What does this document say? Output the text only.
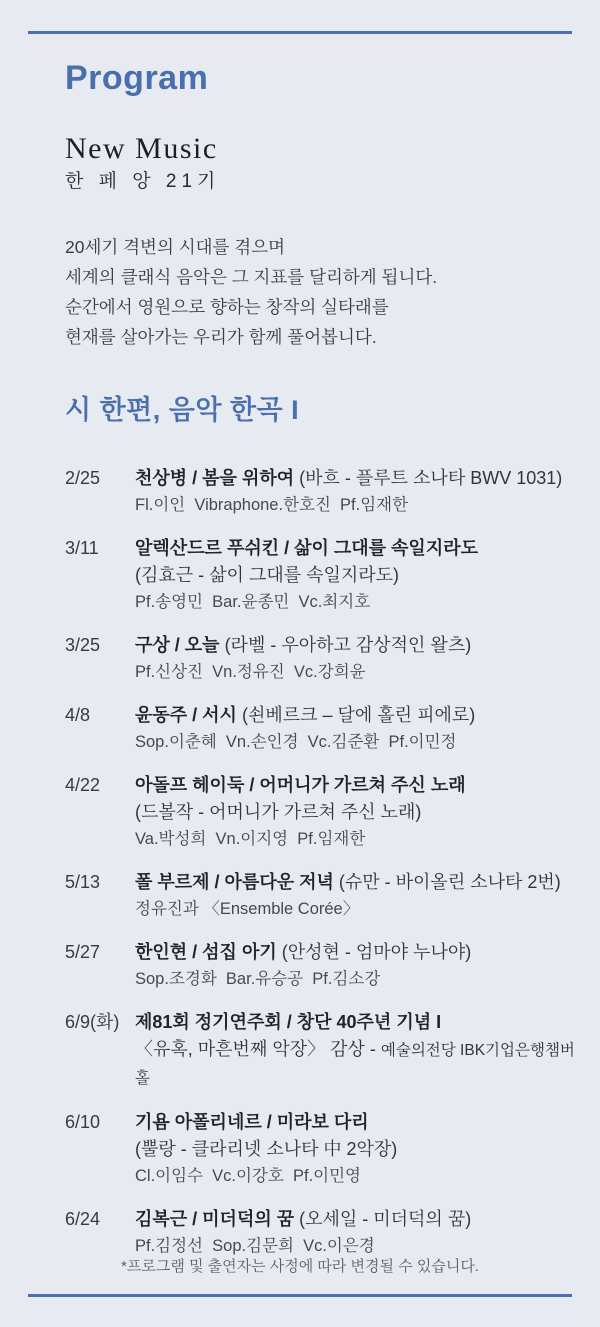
Program
New Music
한 페 앙 21기
20세기 격변의 시대를 겪으며
세계의 클래식 음악은 그 지표를 달리하게 됩니다.
순간에서 영원으로 향하는 창작의 실타래를
현재를 살아가는 우리가 함께 풀어봅니다.
시 한편, 음악 한곡 I
2/25	천상병 / 봄을 위하여 (바흐 - 플루트 소나타 BWV 1031)
Fl.이인  Vibraphone.한호진  Pf.임재한
3/11	알렉산드르 푸쉬킨 / 삶이 그대를 속일지라도
(김효근 - 삶이 그대를 속일지라도)
Pf.송영민  Bar.윤종민  Vc.최지호
3/25	구상 / 오늘 (라벨 - 우아하고 감상적인 왈츠)
Pf.신상진  Vn.정유진  Vc.강희윤
4/8	윤동주 / 서시 (쇤베르크 – 달에 홀린 피에로)
Sop.이춘혜  Vn.손인경  Vc.김준환  Pf.이민정
4/22	아돌프 헤이둑 / 어머니가 가르쳐 주신 노래
(드볼작 - 어머니가 가르쳐 주신 노래)
Va.박성희  Vn.이지영  Pf.임재한
5/13	폴 부르제 / 아름다운 저녁 (슈만 - 바이올린 소나타 2번)
정유진과 〈Ensemble Corée〉
5/27	한인현 / 섬집 아기 (안성현 - 엄마야 누나야)
Sop.조경화  Bar.유승공  Pf.김소강
6/9(화) 제81회 정기연주회 / 창단 40주년 기념 I
〈유혹, 마흔번째 악장〉 감상 - 예술의전당 IBK기업은행챔버홀
6/10	기욤 아폴리네르 / 미라보 다리
(뿔랑 - 클라리넷 소나타 中 2악장)
Cl.이임수  Vc.이강호  Pf.이민영
6/24	김복근 / 미더덕의 꿈 (오세일 - 미더덕의 꿈)
Pf.김정선  Sop.김문희  Vc.이은경
*프로그램 및 출연자는 사정에 따라 변경될 수 있습니다.
